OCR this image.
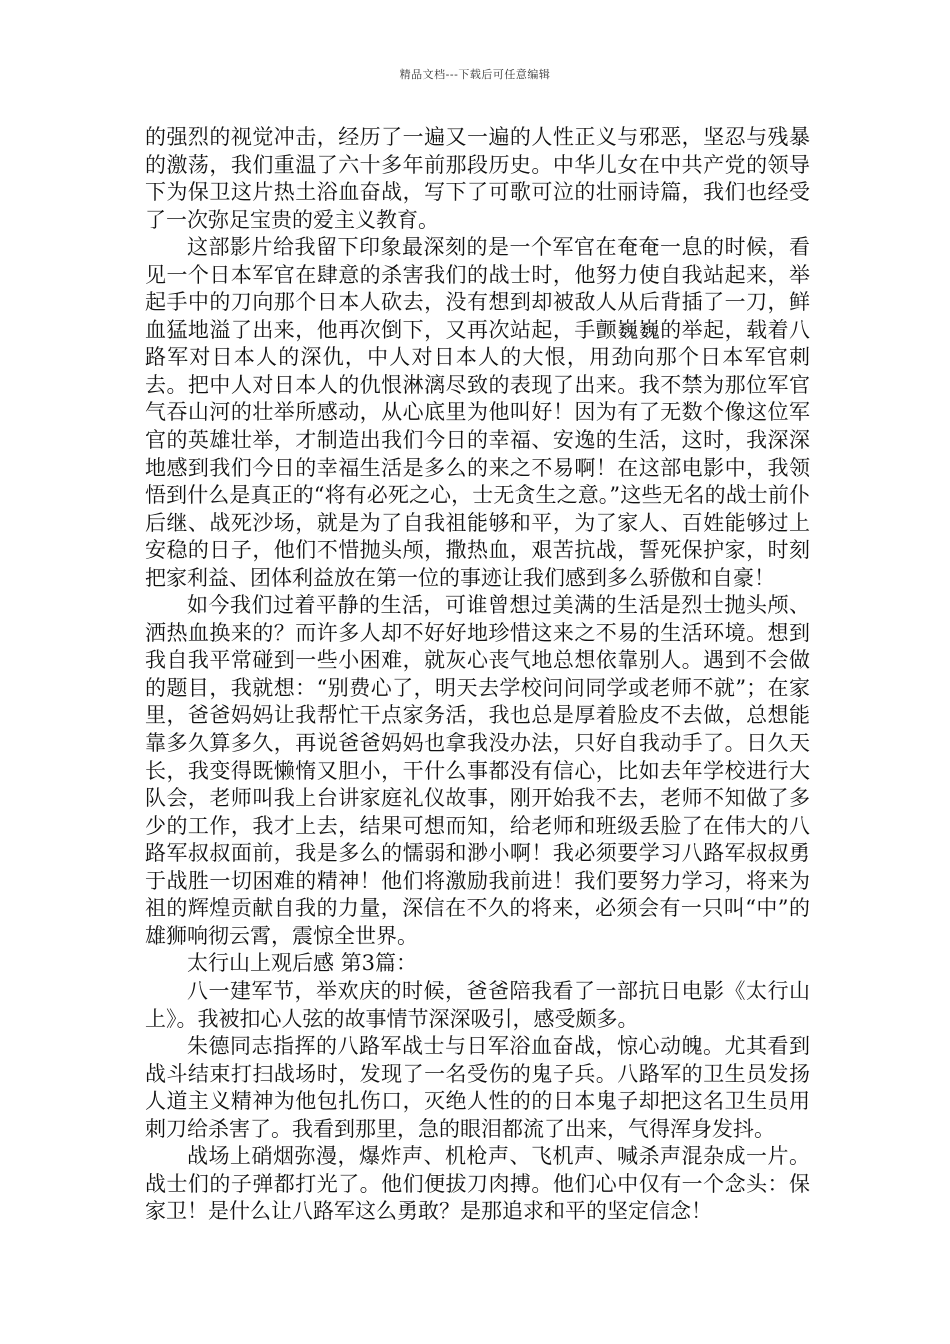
精品文档---下载后可任意编辑

的强烈的视觉冲击，经历了一遍又一遍的人性正义与邪恶，坚忍与残暴的激荡，我们重温了六十多年前那段历史。中华儿女在中共产党的领导下为保卫这片热土浴血奋战，写下了可歌可泣的壮丽诗篇，我们也经受了一次弥足宝贵的爱主义教育。

这部影片给我留下印象最深刻的是一个军官在奄奄一息的时候，看见一个日本军官在肆意的杀害我们的战士时，他努力使自我站起来，举起手中的刀向那个日本人砍去，没有想到却被敌人从后背插了一刀，鲜血猛地溢了出来，他再次倒下，又再次站起，手颤巍巍的举起，载着八路军对日本人的深仇，中人对日本人的大恨，用劲向那个日本军官刺去。把中人对日本人的仇恨淋漓尽致的表现了出来。我不禁为那位军官气吞山河的壮举所感动，从心底里为他叫好！因为有了无数个像这位军官的英雄壮举，才制造出我们今日的幸福、安逸的生活，这时，我深深地感到我们今日的幸福生活是多么的来之不易啊！在这部电影中，我领悟到什么是真正的“将有必死之心，士无贪生之意。”这些无名的战士前仆后继、战死沙场，就是为了自我祖能够和平，为了家人、百姓能够过上安稳的日子，他们不惜抛头颅，撒热血，艰苦抗战，誓死保护家，时刻把家利益、团体利益放在第一位的事迹让我们感到多么骄傲和自豪！

如今我们过着平静的生活，可谁曾想过美满的生活是烈士抛头颅、洒热血换来的？而许多人却不好好地珍惜这来之不易的生活环境。想到我自我平常碰到一些小困难，就灰心丧气地总想依靠别人。遇到不会做的题目，我就想：“别费心了，明天去学校问问同学或老师不就”；在家里，爸爸妈妈让我帮忙干点家务活，我也总是厚着脸皮不去做，总想能靠多久算多久，再说爸爸妈妈也拿我没办法，只好自我动手了。日久天长，我变得既懒惰又胆小，干什么事都没有信心，比如去年学校进行大队会，老师叫我上台讲家庭礼仪故事，刚开始我不去，老师不知做了多少的工作，我才上去，结果可想而知，给老师和班级丢脸了在伟大的八路军叔叔面前，我是多么的懦弱和渺小啊！我必须要学习八路军叔叔勇于战胜一切困难的精神！他们将激励我前进！我们要努力学习，将来为祖的辉煌贡献自我的力量，深信在不久的将来，必须会有一只叫“中”的雄狮响彻云霄，震惊全世界。

太行山上观后感 第3篇：

八一建军节，举欢庆的时候，爸爸陪我看了一部抗日电影《太行山上》。我被扣心人弦的故事情节深深吸引，感受颇多。

朱德同志指挥的八路军战士与日军浴血奋战，惊心动魄。尤其看到战斗结束打扫战场时，发现了一名受伤的鬼子兵。八路军的卫生员发扬人道主义精神为他包扎伤口，灭绝人性的的日本鬼子却把这名卫生员用刺刀给杀害了。我看到那里，急的眼泪都流了出来，气得浑身发抖。

战场上硝烟弥漫，爆炸声、机枪声、飞机声、喊杀声混杂成一片。战士们的子弹都打光了。他们便拔刀肉搏。他们心中仅有一个念头：保家卫！是什么让八路军这么勇敢？是那追求和平的坚定信念！
